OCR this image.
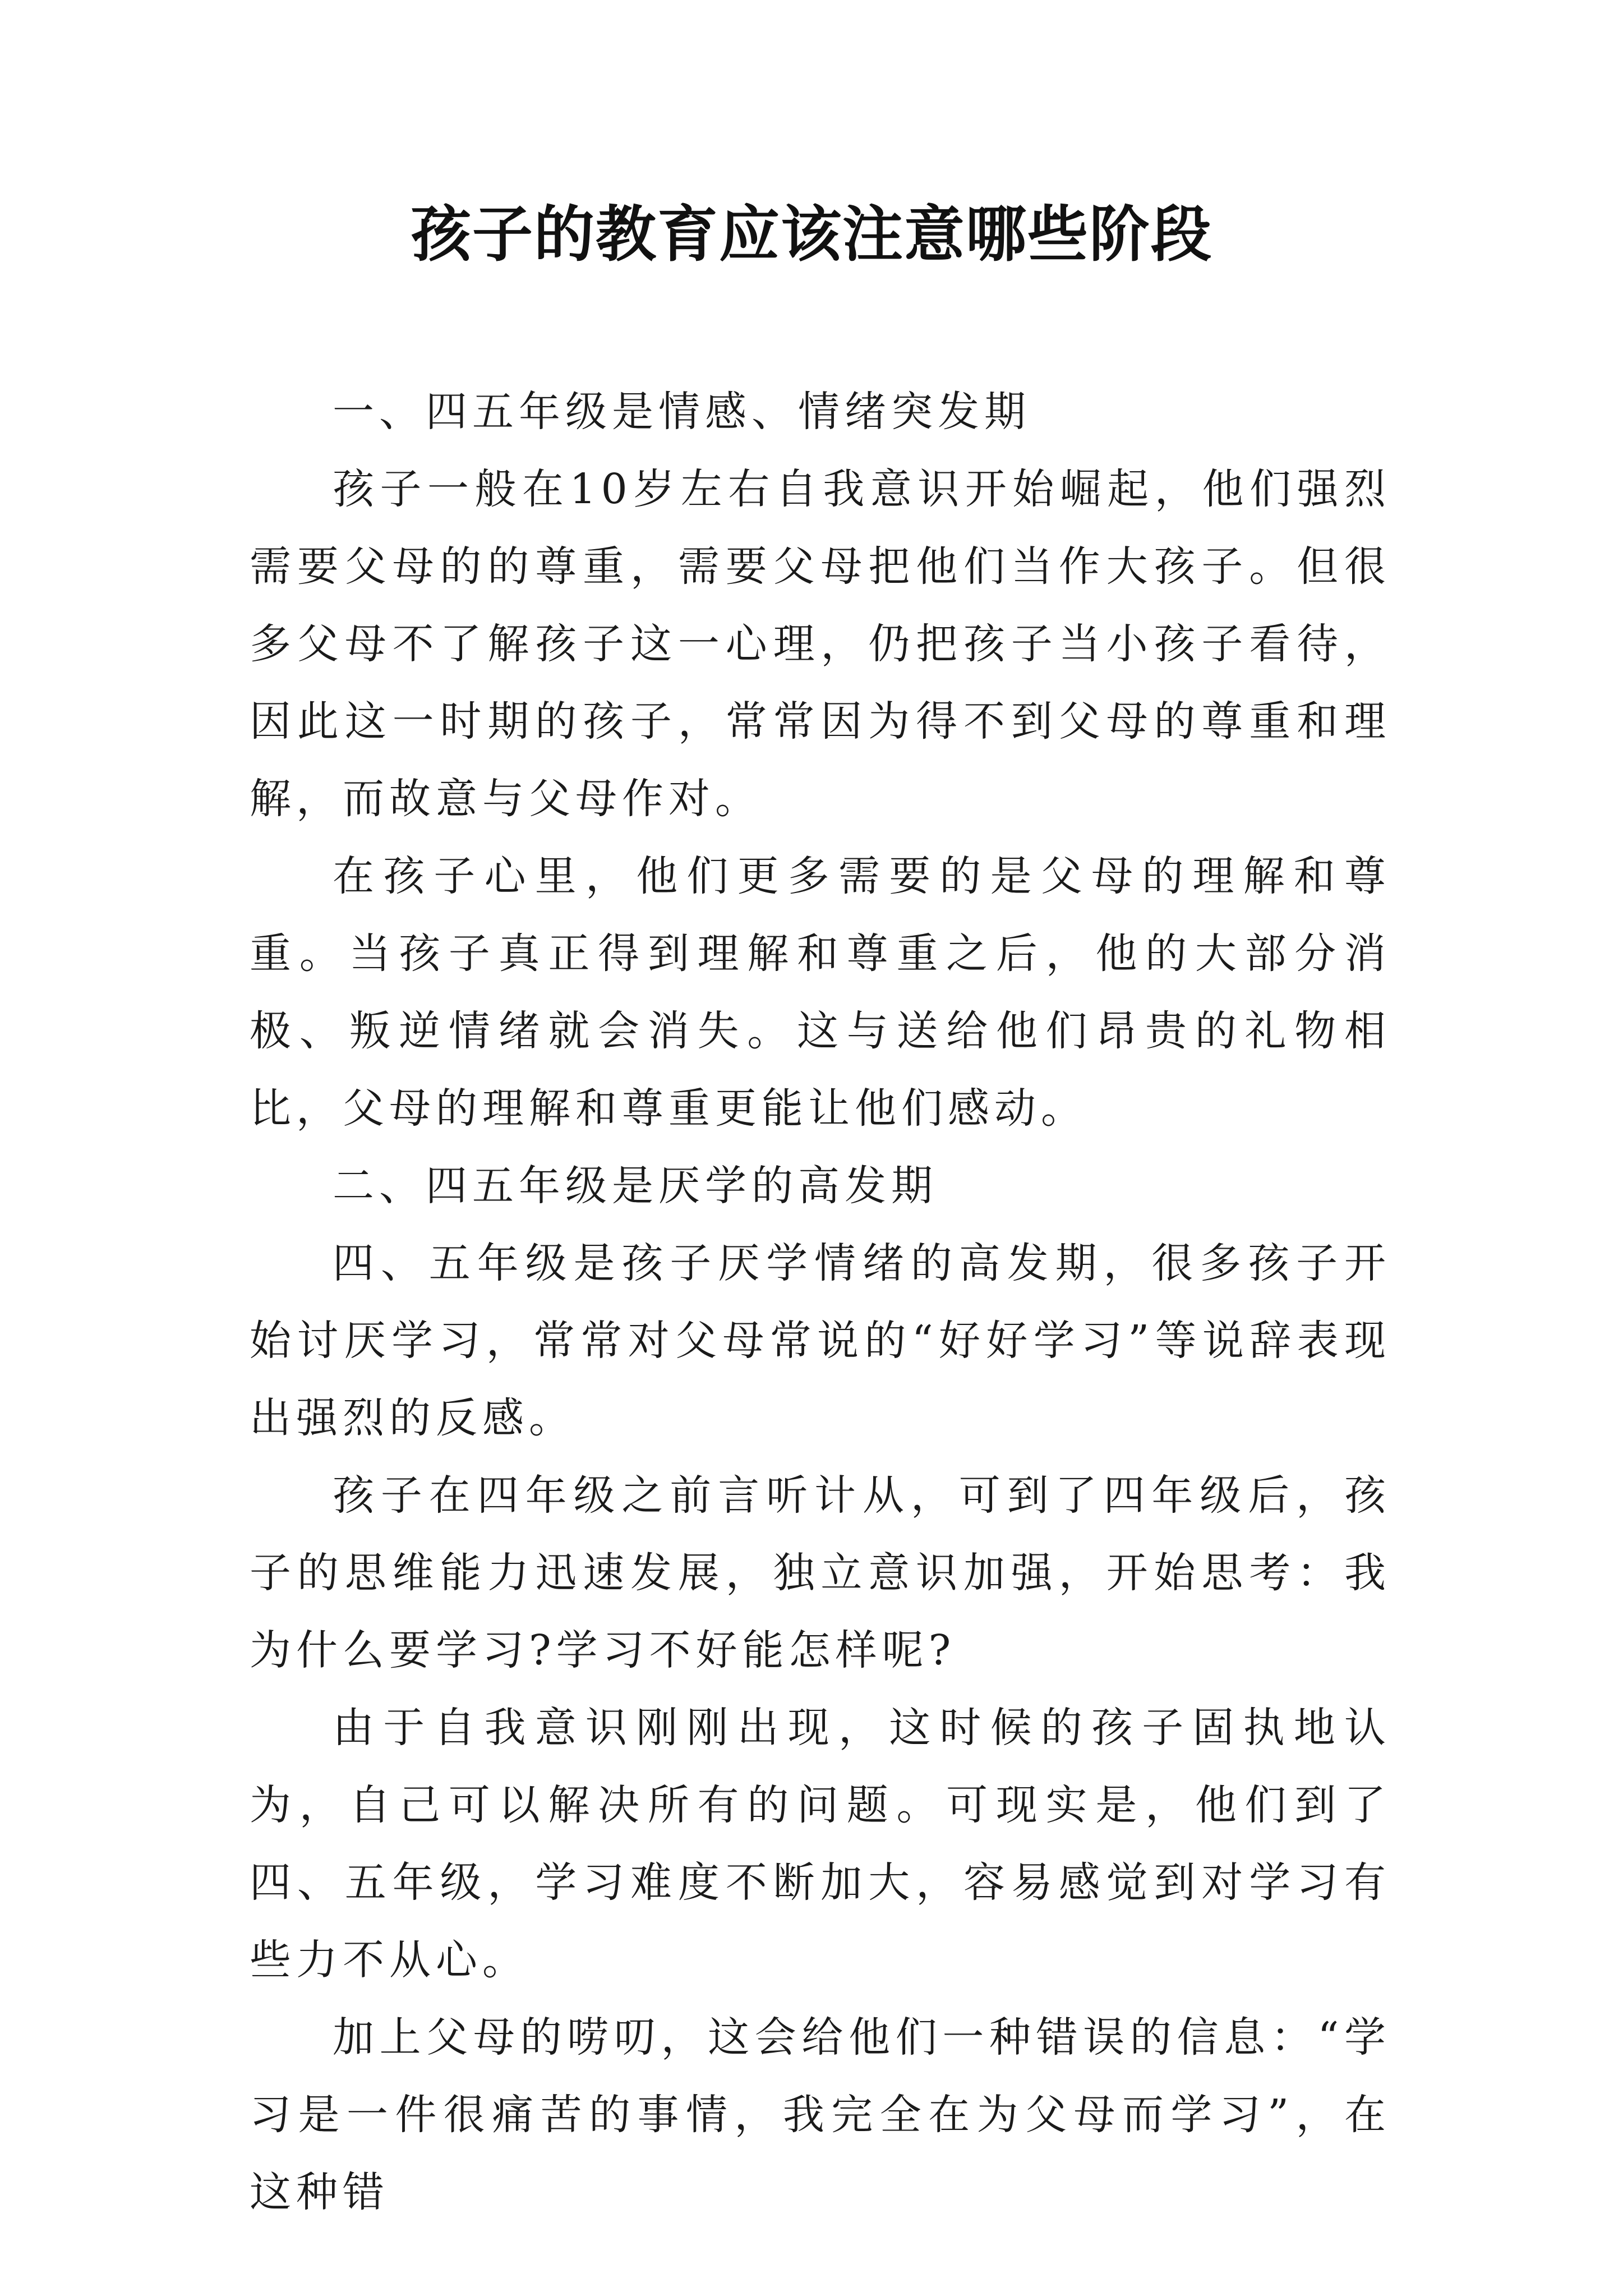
孩子的教育应该注意哪些阶段

一、四五年级是情感、情绪突发期

孩子一般在10岁左右自我意识开始崛起，他们强烈需要父母的的尊重，需要父母把他们当作大孩子。但很多父母不了解孩子这一心理，仍把孩子当小孩子看待，因此这一时期的孩子，常常因为得不到父母的尊重和理解，而故意与父母作对。

在孩子心里，他们更多需要的是父母的理解和尊重。当孩子真正得到理解和尊重之后，他的大部分消极、叛逆情绪就会消失。这与送给他们昂贵的礼物相比，父母的理解和尊重更能让他们感动。

二、四五年级是厌学的高发期

四、五年级是孩子厌学情绪的高发期，很多孩子开始讨厌学习，常常对父母常说的“好好学习”等说辞表现出强烈的反感。

孩子在四年级之前言听计从，可到了四年级后，孩子的思维能力迅速发展，独立意识加强，开始思考：我为什么要学习?学习不好能怎样呢?

由于自我意识刚刚出现，这时候的孩子固执地认为，自己可以解决所有的问题。可现实是，他们到了四、五年级，学习难度不断加大，容易感觉到对学习有些力不从心。

加上父母的唠叨，这会给他们一种错误的信息：“学习是一件很痛苦的事情，我完全在为父母而学习”，在这种错
